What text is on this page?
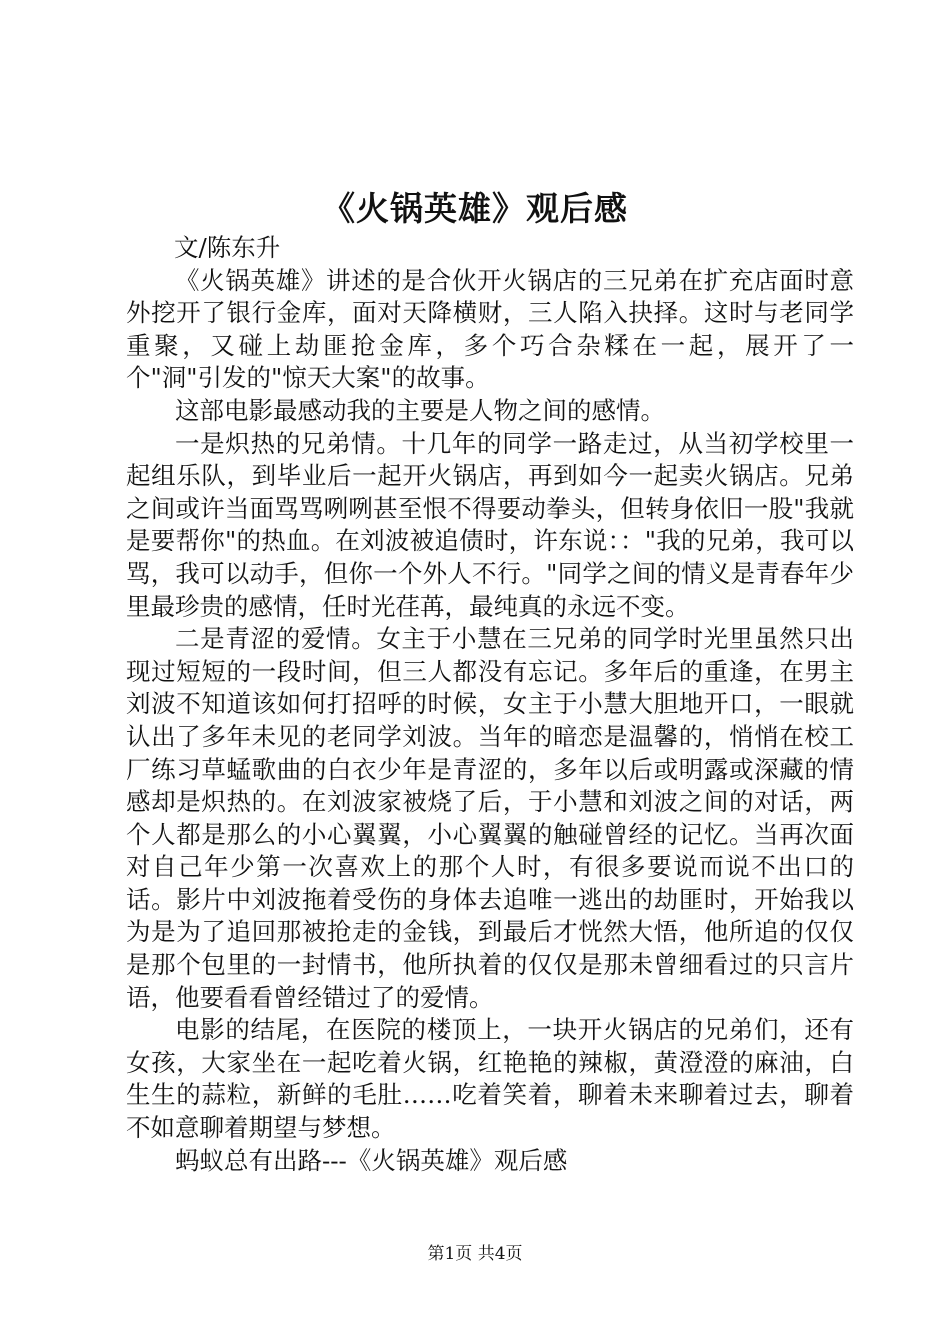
《火锅英雄》观后感
文/陈东升

《火锅英雄》讲述的是合伙开火锅店的三兄弟在扩充店面时意外挖开了银行金库，面对天降横财，三人陷入抉择。这时与老同学重聚，又碰上劫匪抢金库，多个巧合杂糅在一起，展开了一个"洞"引发的"惊天大案"的故事。

这部电影最感动我的主要是人物之间的感情。

一是炽热的兄弟情。十几年的同学一路走过，从当初学校里一起组乐队，到毕业后一起开火锅店，再到如今一起卖火锅店。兄弟之间或许当面骂骂咧咧甚至恨不得要动拳头，但转身依旧一股"我就是要帮你"的热血。在刘波被追债时，许东说：："我的兄弟，我可以骂，我可以动手，但你一个外人不行。"同学之间的情义是青春年少里最珍贵的感情，任时光荏苒，最纯真的永远不变。

二是青涩的爱情。女主于小慧在三兄弟的同学时光里虽然只出现过短短的一段时间，但三人都没有忘记。多年后的重逢，在男主刘波不知道该如何打招呼的时候，女主于小慧大胆地开口，一眼就认出了多年未见的老同学刘波。当年的暗恋是温馨的，悄悄在校工厂练习草蜢歌曲的白衣少年是青涩的，多年以后或明露或深藏的情感却是炽热的。在刘波家被烧了后，于小慧和刘波之间的对话，两个人都是那么的小心翼翼，小心翼翼的触碰曾经的记忆。当再次面对自己年少第一次喜欢上的那个人时，有很多要说而说不出口的话。影片中刘波拖着受伤的身体去追唯一逃出的劫匪时，开始我以为是为了追回那被抢走的金钱，到最后才恍然大悟，他所追的仅仅是那个包里的一封情书，他所执着的仅仅是那未曾细看过的只言片语，他要看看曾经错过了的爱情。

电影的结尾，在医院的楼顶上，一块开火锅店的兄弟们，还有女孩，大家坐在一起吃着火锅，红艳艳的辣椒，黄澄澄的麻油，白生生的蒜粒，新鲜的毛肚……吃着笑着，聊着未来聊着过去，聊着不如意聊着期望与梦想。

蚂蚁总有出路---《火锅英雄》观后感

第1页 共4页
